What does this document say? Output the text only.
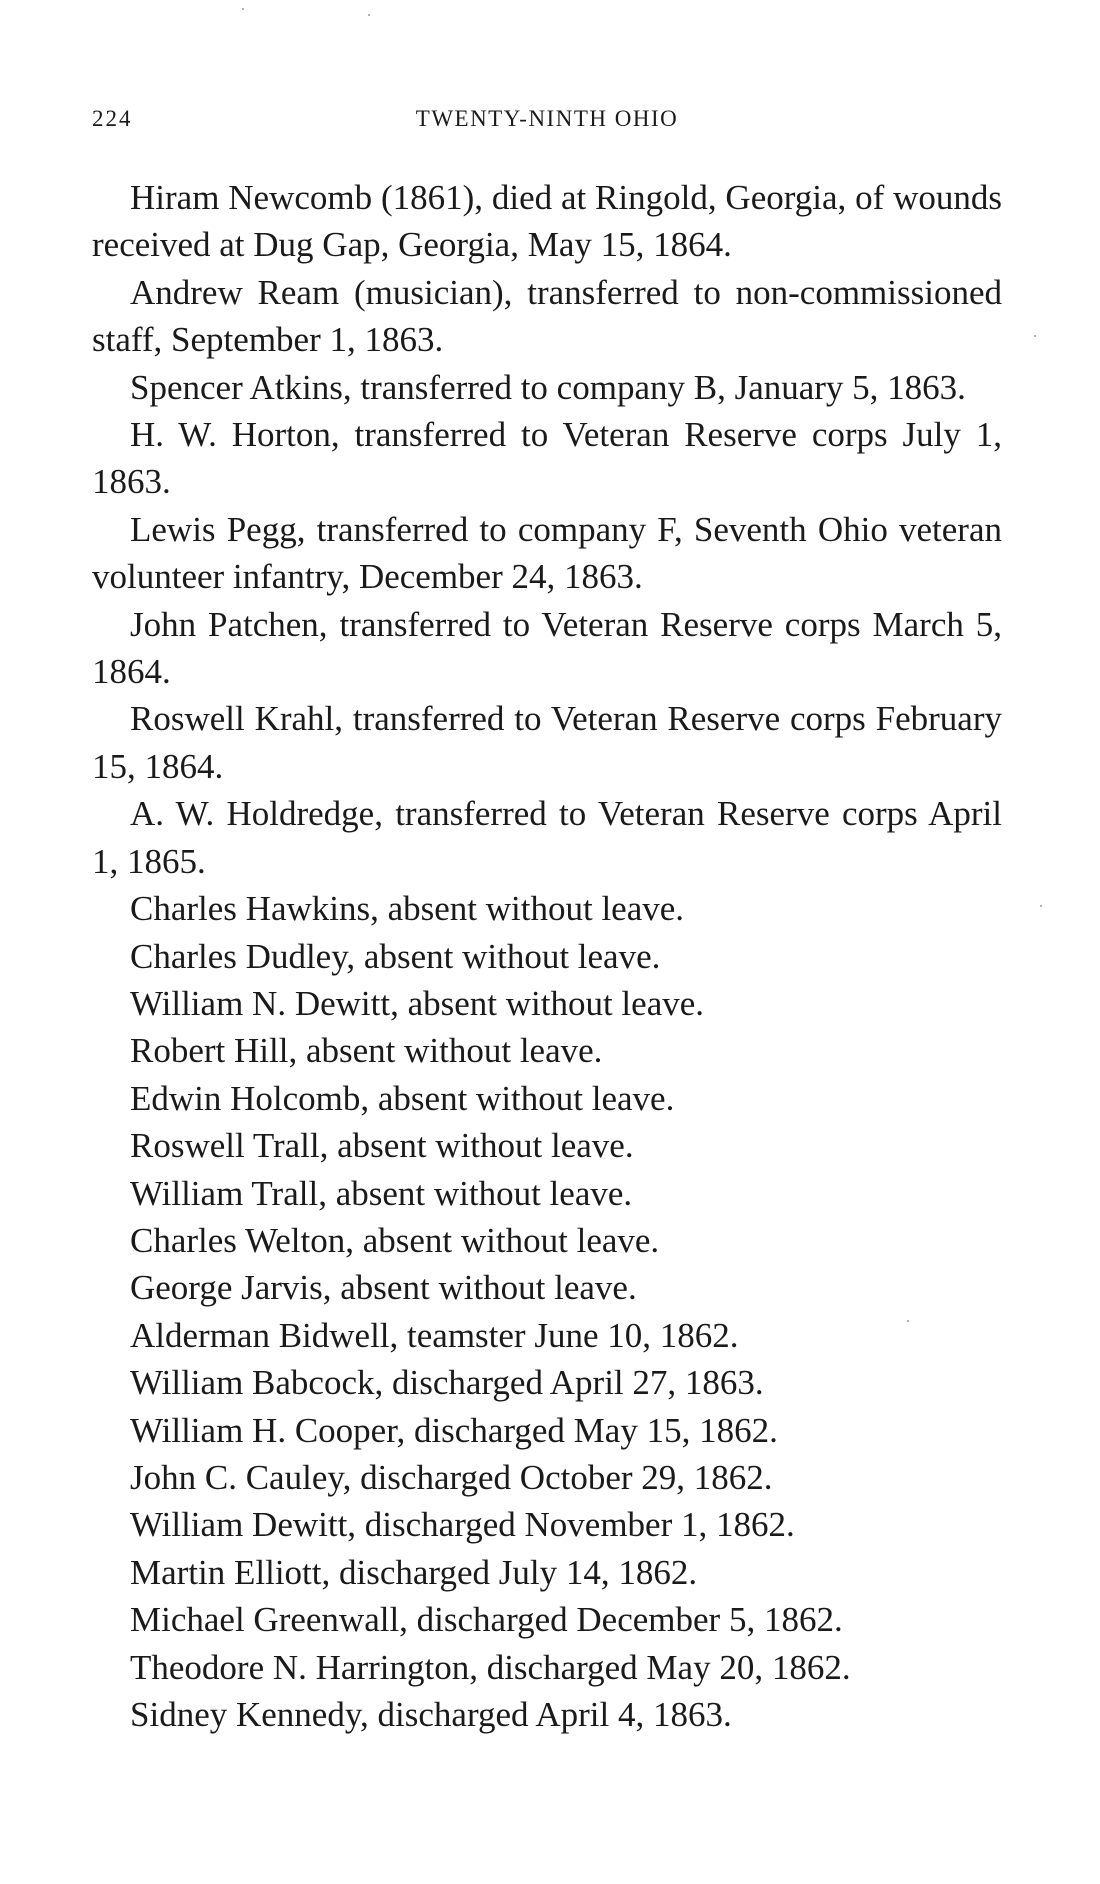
224	TWENTY-NINTH OHIO

Hiram Newcomb (1861), died at Ringold, Georgia, of wounds received at Dug Gap, Georgia, May 15, 1864.

Andrew Ream (musician), transferred to non-commissioned staff, September 1, 1863.

Spencer Atkins, transferred to company B, January 5, 1863.

H. W. Horton, transferred to Veteran Reserve corps July 1, 1863.

Lewis Pegg, transferred to company F, Seventh Ohio veteran volunteer infantry, December 24, 1863.

John Patchen, transferred to Veteran Reserve corps March 5, 1864.

Roswell Krahl, transferred to Veteran Reserve corps February 15, 1864.

A. W. Holdredge, transferred to Veteran Reserve corps April 1, 1865.

Charles Hawkins, absent without leave.

Charles Dudley, absent without leave.

William N. Dewitt, absent without leave.

Robert Hill, absent without leave.

Edwin Holcomb, absent without leave.

Roswell Trall, absent without leave.

William Trall, absent without leave.

Charles Welton, absent without leave.

George Jarvis, absent without leave.

Alderman Bidwell, teamster June 10, 1862.

William Babcock, discharged April 27, 1863.

William H. Cooper, discharged May 15, 1862.

John C. Cauley, discharged October 29, 1862.

William Dewitt, discharged November 1, 1862.

Martin Elliott, discharged July 14, 1862.

Michael Greenwall, discharged December 5, 1862.

Theodore N. Harrington, discharged May 20, 1862.

Sidney Kennedy, discharged April 4, 1863.
